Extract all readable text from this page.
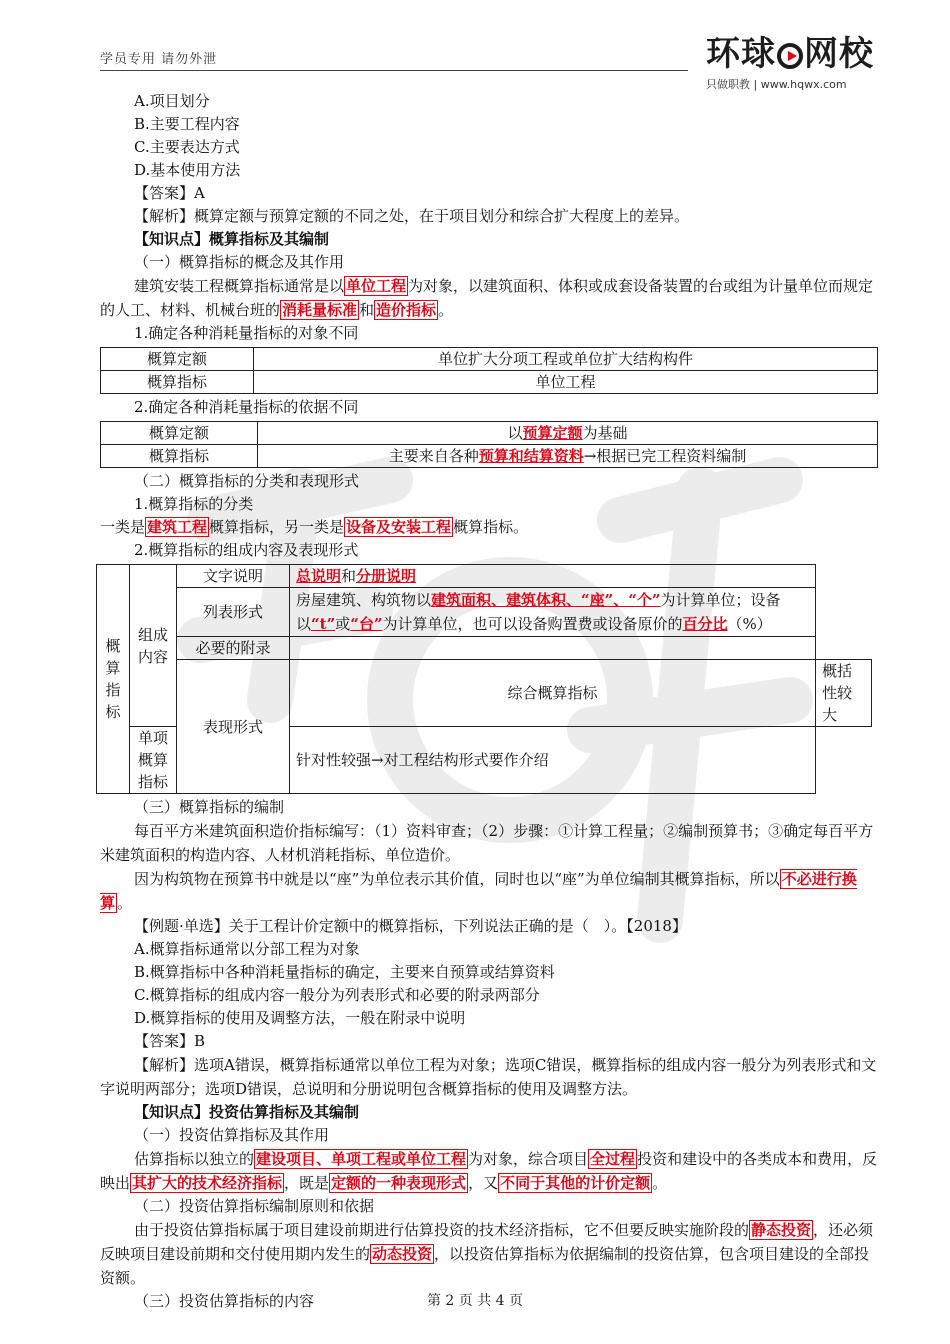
学员专用 请勿外泄	环球 网校
只做职教 | www.hqwx.com
A.项目划分
B.主要工程内容
C.主要表达方式
D.基本使用方法
【答案】A
【解析】概算定额与预算定额的不同之处，在于项目划分和综合扩大程度上的差异。
【知识点】概算指标及其编制
（一）概算指标的概念及其作用
建筑安装工程概算指标通常是以 单位工程 为对象，以建筑面积、体积或成套设备装置的台或组为计量单位而规定的人工、材料、机械台班的 消耗量标准 和 造价指标 。
1.确定各种消耗量指标的对象不同
概算定额	单位扩大分项工程或单位扩大结构构件
概算指标	单位工程
2.确定各种消耗量指标的依据不同
概算定额	以预算定额为基础
概算指标	主要来自各种预算和结算资料→根据已完工程资料编制
（二）概算指标的分类和表现形式
1.概算指标的分类
一类是 建筑工程 概算指标，另一类是 设备及安装工程 概算指标。
2.概算指标的组成内容及表现形式
概算指标	组成内容	文字说明	总说明和分册说明	
		列表形式	房屋建筑、构筑物以建筑面积、建筑体积、“座”、“个”为计算单位；设备以“t”或“台”为计算单位，也可以设备购置费或设备原价的百分比（%）	
		必要的附录		
		表现形式	综合概算指标	概括性较大
	单项概算指标		针对性较强→对工程结构形式要作介绍	
（三）概算指标的编制
每百平方米建筑面积造价指标编写：（1）资料审查；（2）步骤：①计算工程量；②编制预算书；③确定每百平方米建筑面积的构造内容、人材机消耗指标、单位造价。
因为构筑物在预算书中就是以“座”为单位表示其价值，同时也以“座”为单位编制其概算指标，所以 不必进行换算 。
【例题·单选】关于工程计价定额中的概算指标，下列说法正确的是（　）。【2018】
A.概算指标通常以分部工程为对象
B.概算指标中各种消耗量指标的确定，主要来自预算或结算资料
C.概算指标的组成内容一般分为列表形式和必要的附录两部分
D.概算指标的使用及调整方法，一般在附录中说明
【答案】B
【解析】选项A错误，概算指标通常以单位工程为对象；选项C错误，概算指标的组成内容一般分为列表形式和文字说明两部分；选项D错误，总说明和分册说明包含概算指标的使用及调整方法。
【知识点】投资估算指标及其编制
（一）投资估算指标及其作用
估算指标以独立的 建设项目、单项工程或单位工程 为对象，综合项目 全过程 投资和建设中的各类成本和费用，反映出 其扩大的技术经济指标 ，既是 定额的一种表现形式 ，又 不同于其他的计价定额 。
（二）投资估算指标编制原则和依据
由于投资估算指标属于项目建设前期进行估算投资的技术经济指标，它不但要反映实施阶段的 静态投资 ，还必须反映项目建设前期和交付使用期内发生的 动态投资 ，以投资估算指标为依据编制的投资估算，包含项目建设的全部投资额。
（三）投资估算指标的内容	第 2 页 共 4 页
